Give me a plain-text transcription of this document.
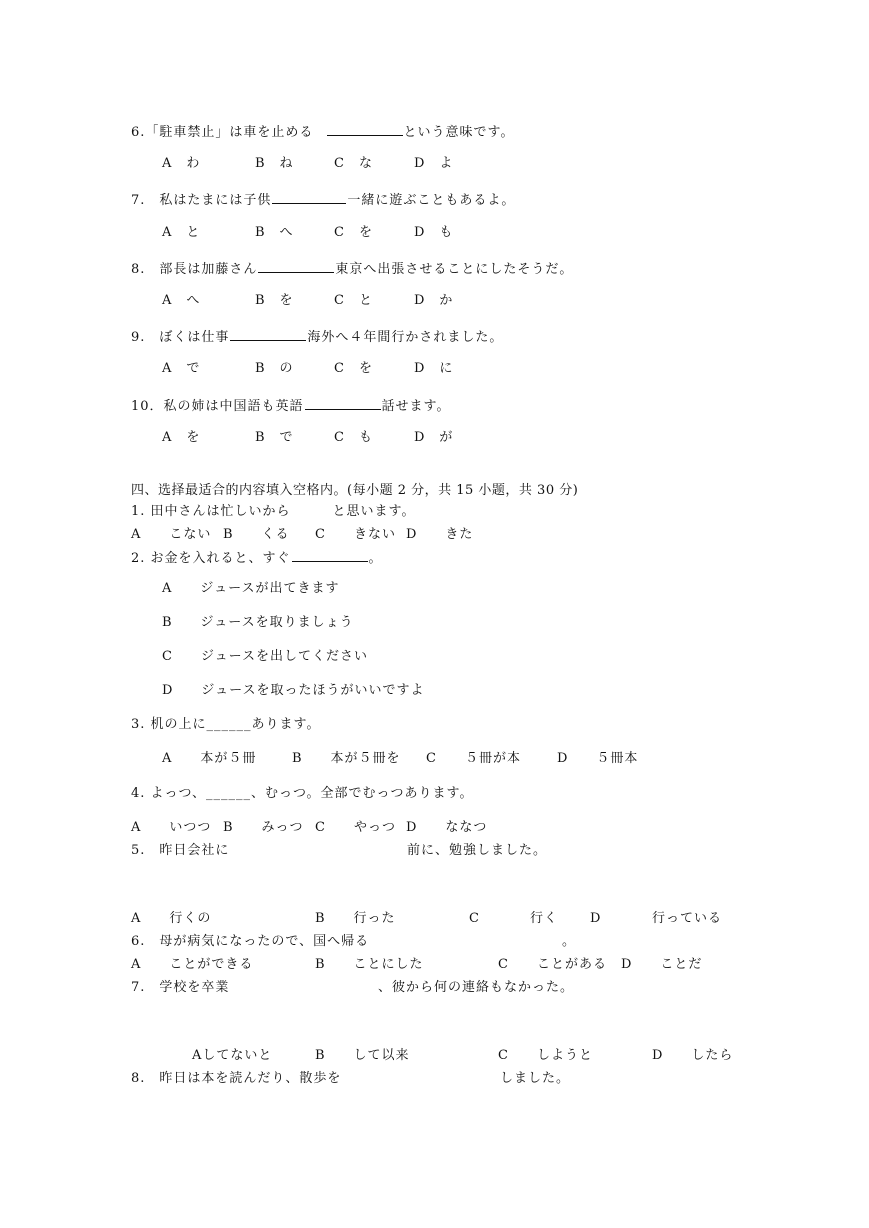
6.「駐車禁止」は車を止める	という意味です。
A　わ	B　ね	C　な	D　よ
7.　私はたまには子供	一緒に遊ぶこともあるよ。
A　と	B　へ	C　を	D　も
8.　部長は加藤さん	東京へ出張させることにしたそうだ。
A　へ	B　を	C　と	D　か
9.　ぼくは仕事	海外へ４年間行かされました。
A　で	B　の	C　を	D　に
10．私の姉は中国語も英語	話せます。
A　を	B　で	C　も	D　が
四、选择最适合的内容填入空格内。(每小题 2 分，共 15 小题，共 30 分)
1. 田中さんは忙しいから　　　と思います。
A　　こない B　　くる C　　きない D　　きた
2. お金を入れると、すぐ	。
A　　ジュースが出てきます
B　　ジュースを取りましょう
C　　ジュースを出してください
D　　ジュースを取ったほうがいいですよ
3. 机の上に______あります。
A　　本が５冊	B　　本が５冊を C　　５冊が本	D　　５冊本
4. よっつ、______、むっつ。全部でむっつあります。
A　　いつつ B　　みっつ C　　やっつ D　　ななつ
5.　昨日会社に	前に、勉強しました。
A　　行くの	B　　行った	C	行く D	行っている
6.　母が病気になったので、国へ帰る	。
A　　ことができる	B　　ことにした	C　　ことがある D　　ことだ
7.　学校を卒業	、彼から何の連絡もなかった。
Aしてないと	B　　して以来	C　　しようと	D　　したら
8.　昨日は本を読んだり、散歩を	しました。
